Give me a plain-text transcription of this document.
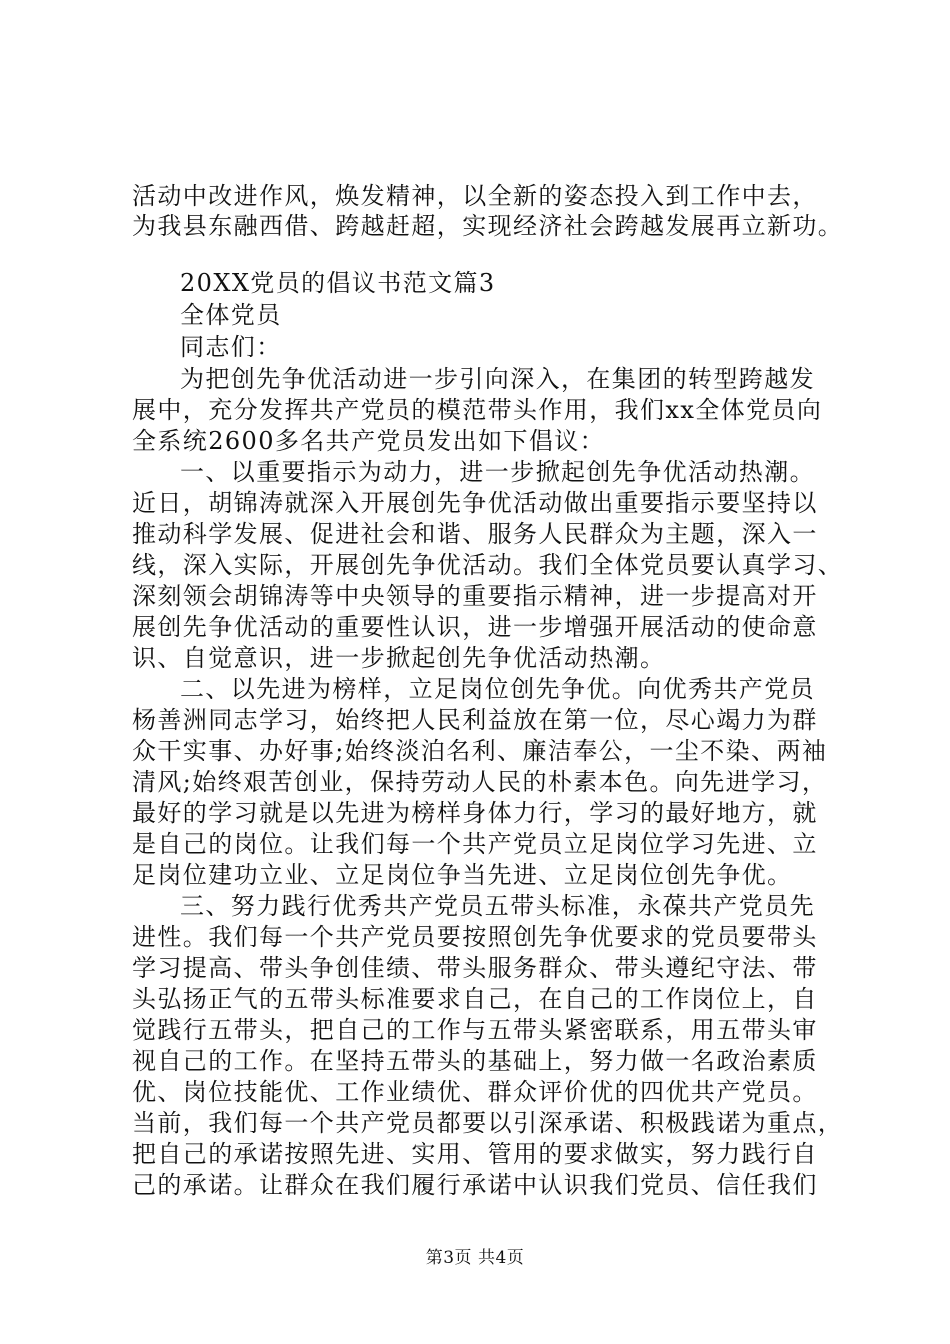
活动中改进作风，焕发精神，以全新的姿态投入到工作中去，
为我县东融西借、跨越赶超，实现经济社会跨越发展再立新功。
20XX党员的倡议书范文篇3
全体党员
同志们：
为把创先争优活动进一步引向深入，在集团的转型跨越发
展中，充分发挥共产党员的模范带头作用，我们xx全体党员向
全系统2600多名共产党员发出如下倡议：
一、以重要指示为动力，进一步掀起创先争优活动热潮。
近日，胡锦涛就深入开展创先争优活动做出重要指示要坚持以
推动科学发展、促进社会和谐、服务人民群众为主题，深入一
线，深入实际，开展创先争优活动。我们全体党员要认真学习、
深刻领会胡锦涛等中央领导的重要指示精神，进一步提高对开
展创先争优活动的重要性认识，进一步增强开展活动的使命意
识、自觉意识，进一步掀起创先争优活动热潮。
二、以先进为榜样，立足岗位创先争优。向优秀共产党员
杨善洲同志学习，始终把人民利益放在第一位，尽心竭力为群
众干实事、办好事;始终淡泊名利、廉洁奉公，一尘不染、两袖
清风;始终艰苦创业，保持劳动人民的朴素本色。向先进学习，
最好的学习就是以先进为榜样身体力行，学习的最好地方，就
是自己的岗位。让我们每一个共产党员立足岗位学习先进、立
足岗位建功立业、立足岗位争当先进、立足岗位创先争优。
三、努力践行优秀共产党员五带头标准，永葆共产党员先
进性。我们每一个共产党员要按照创先争优要求的党员要带头
学习提高、带头争创佳绩、带头服务群众、带头遵纪守法、带
头弘扬正气的五带头标准要求自己，在自己的工作岗位上，自
觉践行五带头，把自己的工作与五带头紧密联系，用五带头审
视自己的工作。在坚持五带头的基础上，努力做一名政治素质
优、岗位技能优、工作业绩优、群众评价优的四优共产党员。
当前，我们每一个共产党员都要以引深承诺、积极践诺为重点，
把自己的承诺按照先进、实用、管用的要求做实，努力践行自
己的承诺。让群众在我们履行承诺中认识我们党员、信任我们
第3页 共4页
